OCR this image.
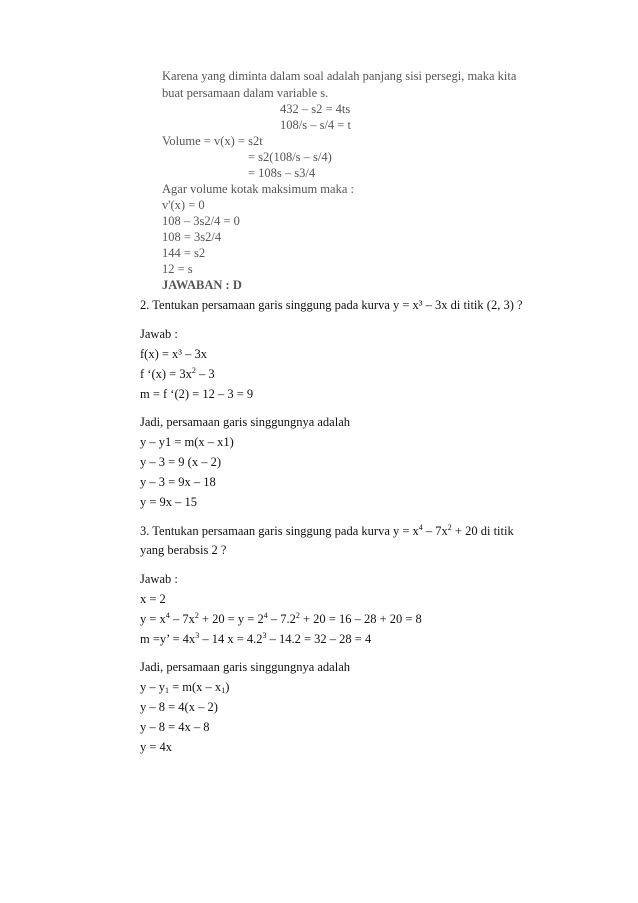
Karena yang diminta dalam soal adalah panjang sisi persegi, maka kita
buat persamaan dalam variable s.
432 – s2 = 4ts
108/s – s/4 = t
Volume = v(x) = s2t
= s2(108/s – s/4)
= 108s – s3/4
Agar volume kotak maksimum maka :
v'(x) = 0
108 – 3s2/4 = 0
108 = 3s2/4
144 = s2
12 = s
JAWABAN : D
2. Tentukan persamaan garis singgung pada kurva y = x³ – 3x di titik (2, 3) ?
Jawab :
f(x) = x³ – 3x
f ‘$(x) = 3x^2 - 3$
m = f ‘(2) = 12 – 3 = 9
Jadi, persamaan garis singgungnya adalah
y – y1 = m(x – x1)
y – 3 = 9 (x – 2)
y – 3 = 9x – 18
y = 9x – 15
3. Tentukan persamaan garis singgung pada kurva $y = x^4 - 7x^2 + 20$ di titik
yang berabsis 2 ?
Jawab :
x = 2
$y = x^4 - 7x^2 + 20 = y = 2^4 - 7.2^2 + 20 = 16 - 28 + 20 = 8$
m =y’ = $4x^3 - 14$ $x = 4.2^3 - 14.2 = 32 - 28 = 4$
Jadi, persamaan garis singgungnya adalah
$y - y_1 = m(x - x_1)$
y – 8 = 4(x – 2)
y – 8 = 4x – 8
y = 4x
